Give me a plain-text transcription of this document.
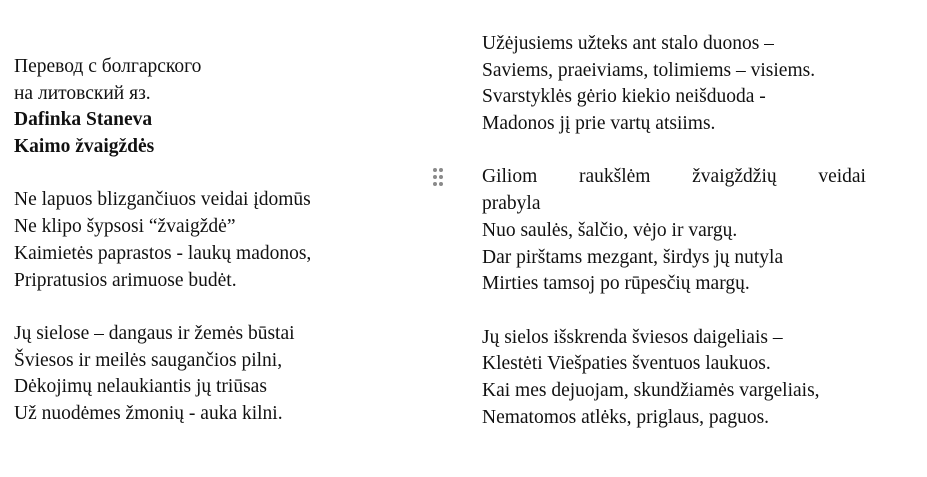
Перевод с болгарского
на литовский яз.
Dafinka Staneva
Kaimo žvaigždės
Ne lapuos blizgančiuos veidai įdomūs
Ne klipo šypsosi “žvaigždė”
Kaimietės paprastos - laukų madonos,
Pripratusios arimuose budėt.
Jų sielose – dangaus ir žemės būstai
Šviesos ir meilės saugančios pilni,
Dėkojimų nelaukiantis jų triūsas
Už nuodėmes žmonių - auka kilni.
Užėjusiems užteks ant stalo duonos –
Saviems, praeiviams, tolimiems – visiems.
Svarstyklės gėrio kiekio neišduoda -
Madonos jį prie vartų atsiims.
Giliom raukšlėm žvaigždžių veidai
prabyla
Nuo saulės, šalčio, vėjo ir vargų.
Dar pirštams mezgant, širdys jų nutyla
Mirties tamsoj po rūpesčių margų.
Jų sielos išskrenda šviesos daigeliais –
Klestėti Viešpaties šventuos laukuos.
Kai mes dejuojam, skundžiamės vargeliais,
Nematomos atlėks, priglaus, paguos.
